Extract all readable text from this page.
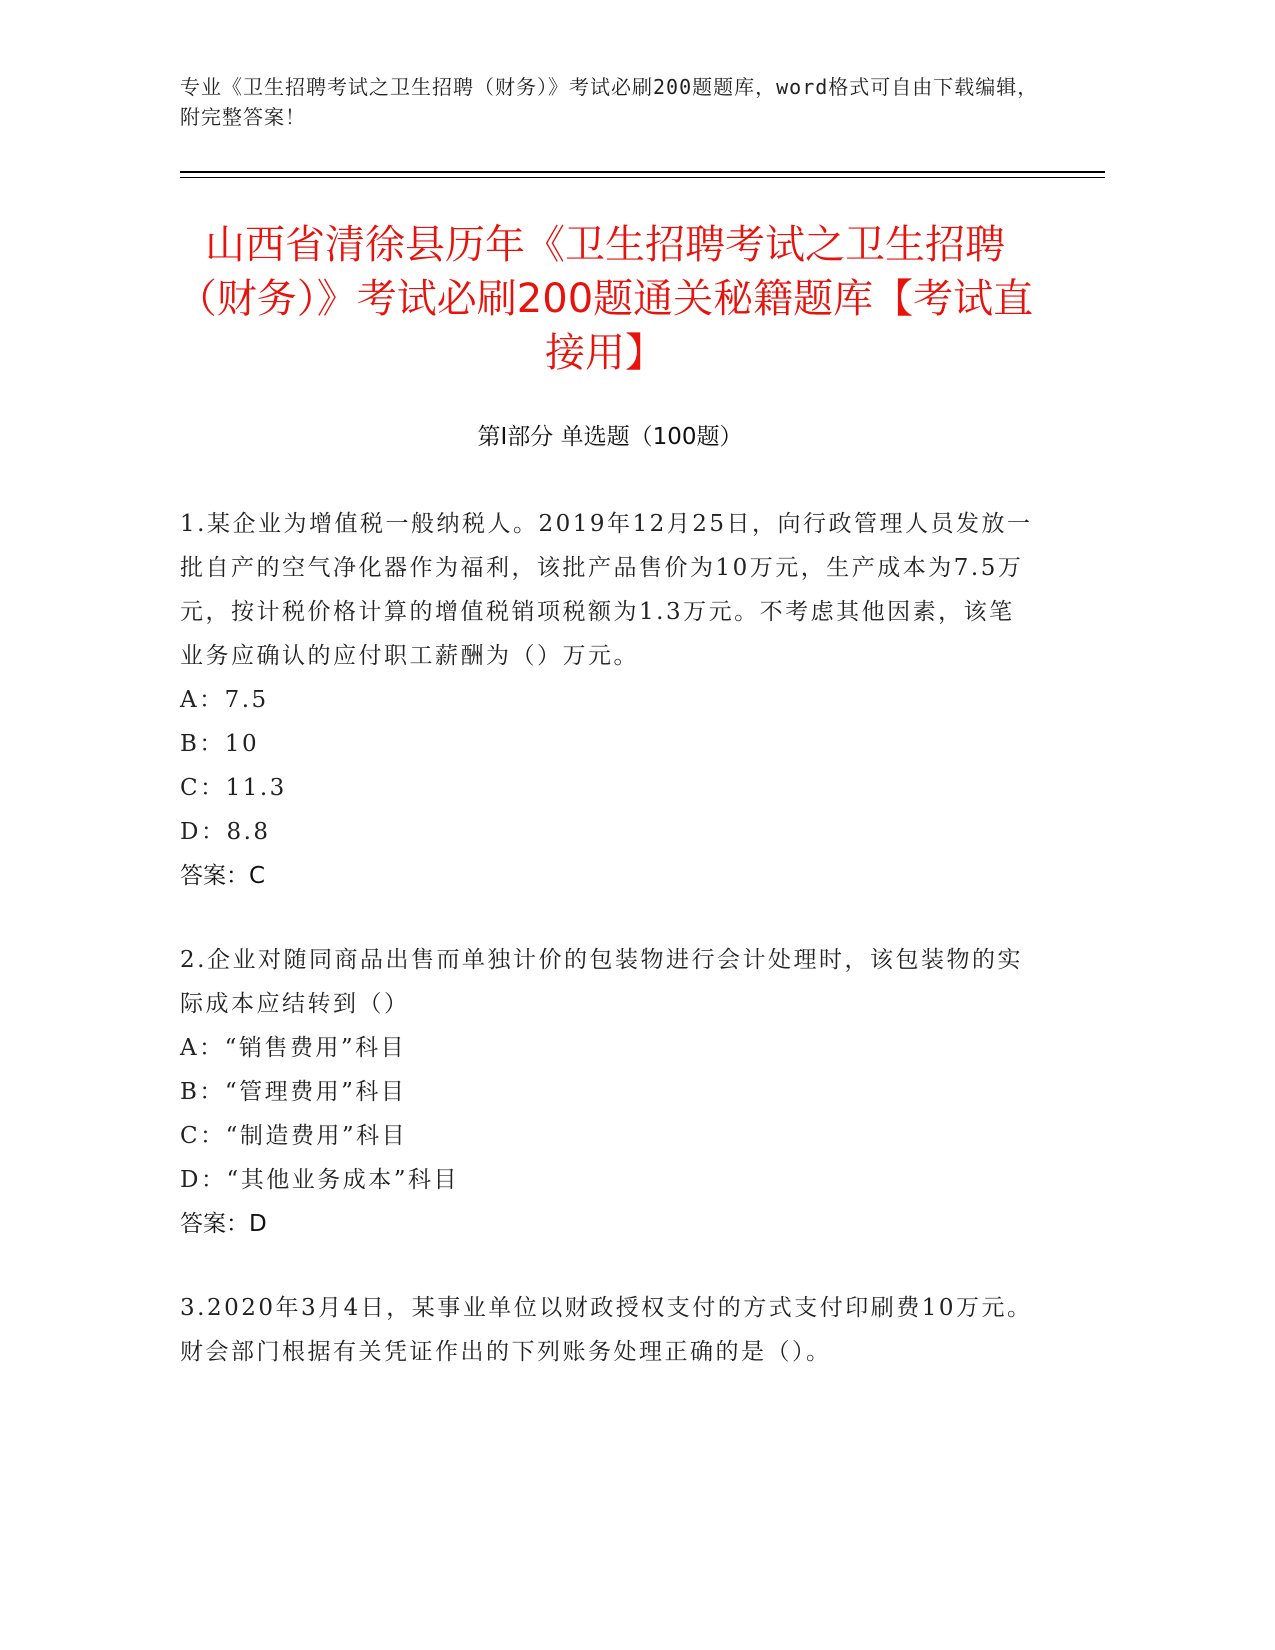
专业《卫生招聘考试之卫生招聘（财务）》考试必刷200题题库，word格式可自由下载编辑，附完整答案！
山西省清徐县历年《卫生招聘考试之卫生招聘（财务）》考试必刷200题通关秘籍题库【考试直接用】
第Ⅰ部分 单选题（100题）

1.某企业为增值税一般纳税人。2019年12月25日，向行政管理人员发放一批自产的空气净化器作为福利，该批产品售价为10万元，生产成本为7.5万元，按计税价格计算的增值税销项税额为1.3万元。不考虑其他因素，该笔业务应确认的应付职工薪酬为（）万元。

A：7.5

B：10

C：11.3

D：8.8

答案：C

2.企业对随同商品出售而单独计价的包装物进行会计处理时，该包装物的实际成本应结转到（）

A：“销售费用”科目

B：“管理费用”科目

C：“制造费用”科目

D：“其他业务成本”科目

答案：D

3.2020年3月4日，某事业单位以财政授权支付的方式支付印刷费10万元。财会部门根据有关凭证作出的下列账务处理正确的是（）。
